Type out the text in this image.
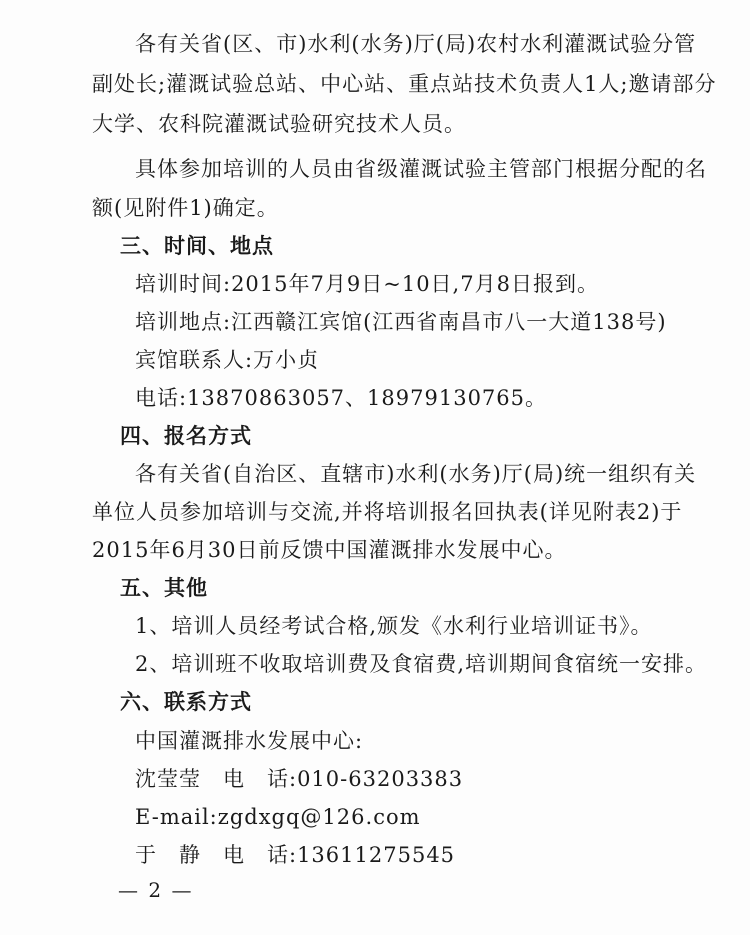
各有关省(区、市)水利(水务)厅(局)农村水利灌溉试验分管
副处长;灌溉试验总站、中心站、重点站技术负责人1人;邀请部分
大学、农科院灌溉试验研究技术人员。
具体参加培训的人员由省级灌溉试验主管部门根据分配的名
额(见附件1)确定。
三、时间、地点
培训时间:2015年7月9日~10日,7月8日报到。
培训地点:江西赣江宾馆(江西省南昌市八一大道138号)
宾馆联系人:万小贞
电话:13870863057、18979130765。
四、报名方式
各有关省(自治区、直辖市)水利(水务)厅(局)统一组织有关
单位人员参加培训与交流,并将培训报名回执表(详见附表2)于
2015年6月30日前反馈中国灌溉排水发展中心。
五、其他
1、培训人员经考试合格,颁发《水利行业培训证书》。
2、培训班不收取培训费及食宿费,培训期间食宿统一安排。
六、联系方式
中国灌溉排水发展中心:
沈莹莹　电　话:010-63203383
E-mail:zgdxgq@126.com
于　静　电　话:13611275545
— 2 —
